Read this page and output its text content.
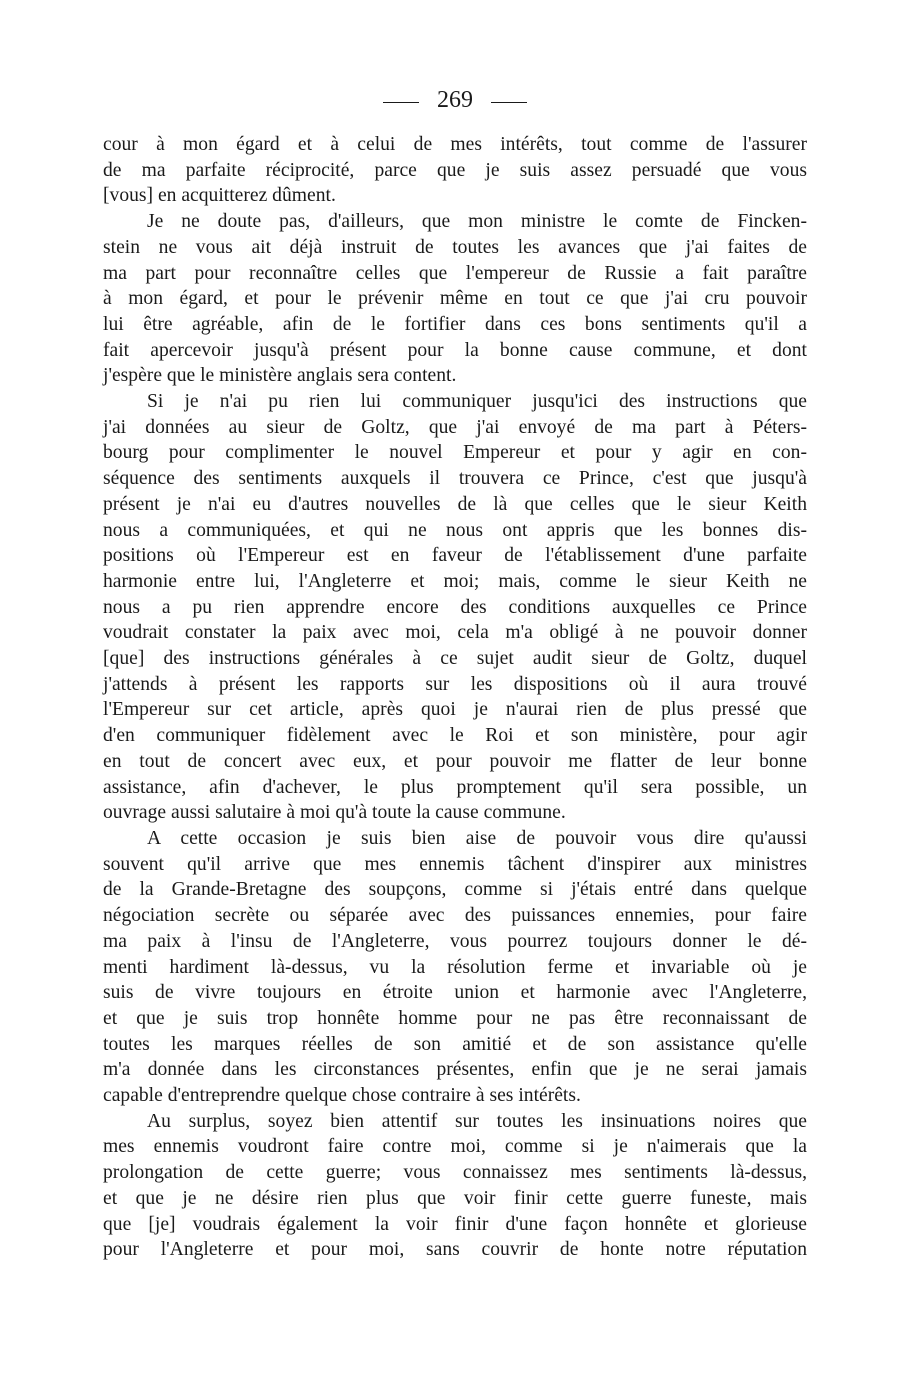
269
cour à mon égard et à celui de mes intérêts, tout comme de l'assurer
de ma parfaite réciprocité, parce que je suis assez persuadé que vous
[vous] en acquitterez dûment.
Je ne doute pas, d'ailleurs, que mon ministre le comte de Fincken-
stein ne vous ait déjà instruit de toutes les avances que j'ai faites de
ma part pour reconnaître celles que l'empereur de Russie a fait paraître
à mon égard, et pour le prévenir même en tout ce que j'ai cru pouvoir
lui être agréable, afin de le fortifier dans ces bons sentiments qu'il a
fait apercevoir jusqu'à présent pour la bonne cause commune, et dont
j'espère que le ministère anglais sera content.
Si je n'ai pu rien lui communiquer jusqu'ici des instructions que
j'ai données au sieur de Goltz, que j'ai envoyé de ma part à Péters-
bourg pour complimenter le nouvel Empereur et pour y agir en con-
séquence des sentiments auxquels il trouvera ce Prince, c'est que jusqu'à
présent je n'ai eu d'autres nouvelles de là que celles que le sieur Keith
nous a communiquées, et qui ne nous ont appris que les bonnes dis-
positions où l'Empereur est en faveur de l'établissement d'une parfaite
harmonie entre lui, l'Angleterre et moi; mais, comme le sieur Keith ne
nous a pu rien apprendre encore des conditions auxquelles ce Prince
voudrait constater la paix avec moi, cela m'a obligé à ne pouvoir donner
[que] des instructions générales à ce sujet audit sieur de Goltz, duquel
j'attends à présent les rapports sur les dispositions où il aura trouvé
l'Empereur sur cet article, après quoi je n'aurai rien de plus pressé que
d'en communiquer fidèlement avec le Roi et son ministère, pour agir
en tout de concert avec eux, et pour pouvoir me flatter de leur bonne
assistance, afin d'achever, le plus promptement qu'il sera possible, un
ouvrage aussi salutaire à moi qu'à toute la cause commune.
A cette occasion je suis bien aise de pouvoir vous dire qu'aussi
souvent qu'il arrive que mes ennemis tâchent d'inspirer aux ministres
de la Grande-Bretagne des soupçons, comme si j'étais entré dans quelque
négociation secrète ou séparée avec des puissances ennemies, pour faire
ma paix à l'insu de l'Angleterre, vous pourrez toujours donner le dé-
menti hardiment là-dessus, vu la résolution ferme et invariable où je
suis de vivre toujours en étroite union et harmonie avec l'Angleterre,
et que je suis trop honnête homme pour ne pas être reconnaissant de
toutes les marques réelles de son amitié et de son assistance qu'elle
m'a donnée dans les circonstances présentes, enfin que je ne serai jamais
capable d'entreprendre quelque chose contraire à ses intérêts.
Au surplus, soyez bien attentif sur toutes les insinuations noires que
mes ennemis voudront faire contre moi, comme si je n'aimerais que la
prolongation de cette guerre; vous connaissez mes sentiments là-dessus,
et que je ne désire rien plus que voir finir cette guerre funeste, mais
que [je] voudrais également la voir finir d'une façon honnête et glorieuse
pour l'Angleterre et pour moi, sans couvrir de honte notre réputation
